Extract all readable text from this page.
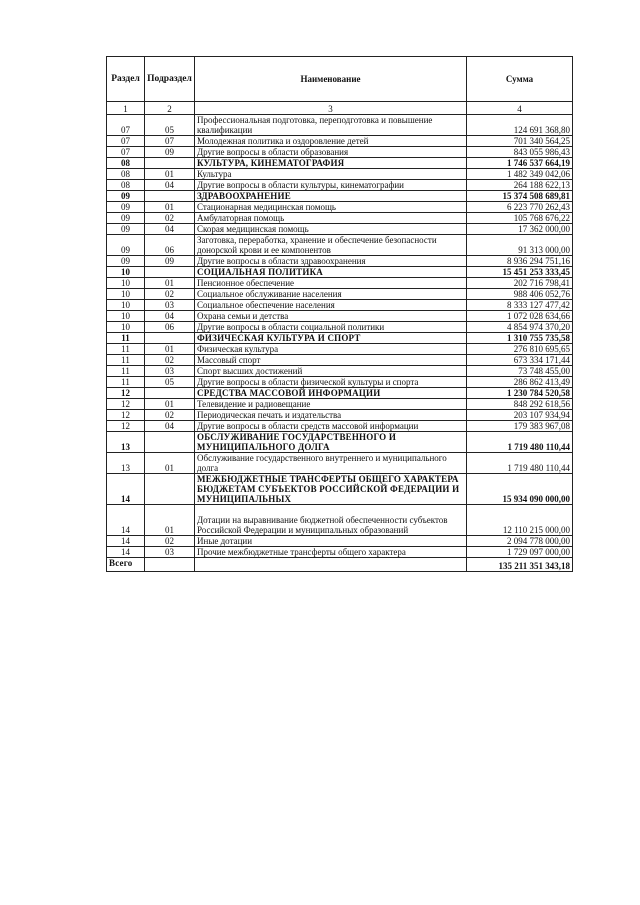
Раздел	Подраздел	Наименование	Сумма
1	2	3	4
07	05	Профессиональная подготовка, переподготовка и повышение квалификации	124 691 368,80
07	07	Молодежная политика и оздоровление детей	701 340 564,25
07	09	Другие вопросы в области образования	843 055 986,43
08		КУЛЬТУРА, КИНЕМАТОГРАФИЯ	1 746 537 664,19
08	01	Культура	1 482 349 042,06
08	04	Другие вопросы в области культуры, кинематографии	264 188 622,13
09		ЗДРАВООХРАНЕНИЕ	15 374 508 689,81
09	01	Стационарная медицинская помощь	6 223 770 262,43
09	02	Амбулаторная помощь	105 768 676,22
09	04	Скорая медицинская помощь	17 362 000,00
09	06	Заготовка, переработка, хранение и обеспечение безопасности донорской крови и ее компонентов	91 313 000,00
09	09	Другие вопросы в области здравоохранения	8 936 294 751,16
10		СОЦИАЛЬНАЯ ПОЛИТИКА	15 451 253 333,45
10	01	Пенсионное обеспечение	202 716 798,41
10	02	Социальное обслуживание населения	988 406 052,76
10	03	Социальное обеспечение населения	8 333 127 477,42
10	04	Охрана семьи и детства	1 072 028 634,66
10	06	Другие вопросы в области социальной политики	4 854 974 370,20
11		ФИЗИЧЕСКАЯ КУЛЬТУРА И СПОРТ	1 310 755 735,58
11	01	Физическая культура	276 810 695,65
11	02	Массовый спорт	673 334 171,44
11	03	Спорт высших достижений	73 748 455,00
11	05	Другие вопросы в области физической культуры и спорта	286 862 413,49
12		СРЕДСТВА МАССОВОЙ ИНФОРМАЦИИ	1 230 784 520,58
12	01	Телевидение и радиовещание	848 292 618,56
12	02	Периодическая печать и издательства	203 107 934,94
12	04	Другие вопросы в области средств массовой информации	179 383 967,08
13		ОБСЛУЖИВАНИЕ ГОСУДАРСТВЕННОГО И МУНИЦИПАЛЬНОГО ДОЛГА	1 719 480 110,44
13	01	Обслуживание государственного внутреннего и муниципального долга	1 719 480 110,44
14		МЕЖБЮДЖЕТНЫЕ ТРАНСФЕРТЫ ОБЩЕГО ХАРАКТЕРА БЮДЖЕТАМ СУБЪЕКТОВ РОССИЙСКОЙ ФЕДЕРАЦИИ И МУНИЦИПАЛЬНЫХ	15 934 090 000,00
14	01	Дотации на выравнивание бюджетной обеспеченности субъектов Российской Федерации и муниципальных образований	12 110 215 000,00
14	02	Иные дотации	2 094 778 000,00
14	03	Прочие межбюджетные трансферты общего характера	1 729 097 000,00
Всего			135 211 351 343,18
